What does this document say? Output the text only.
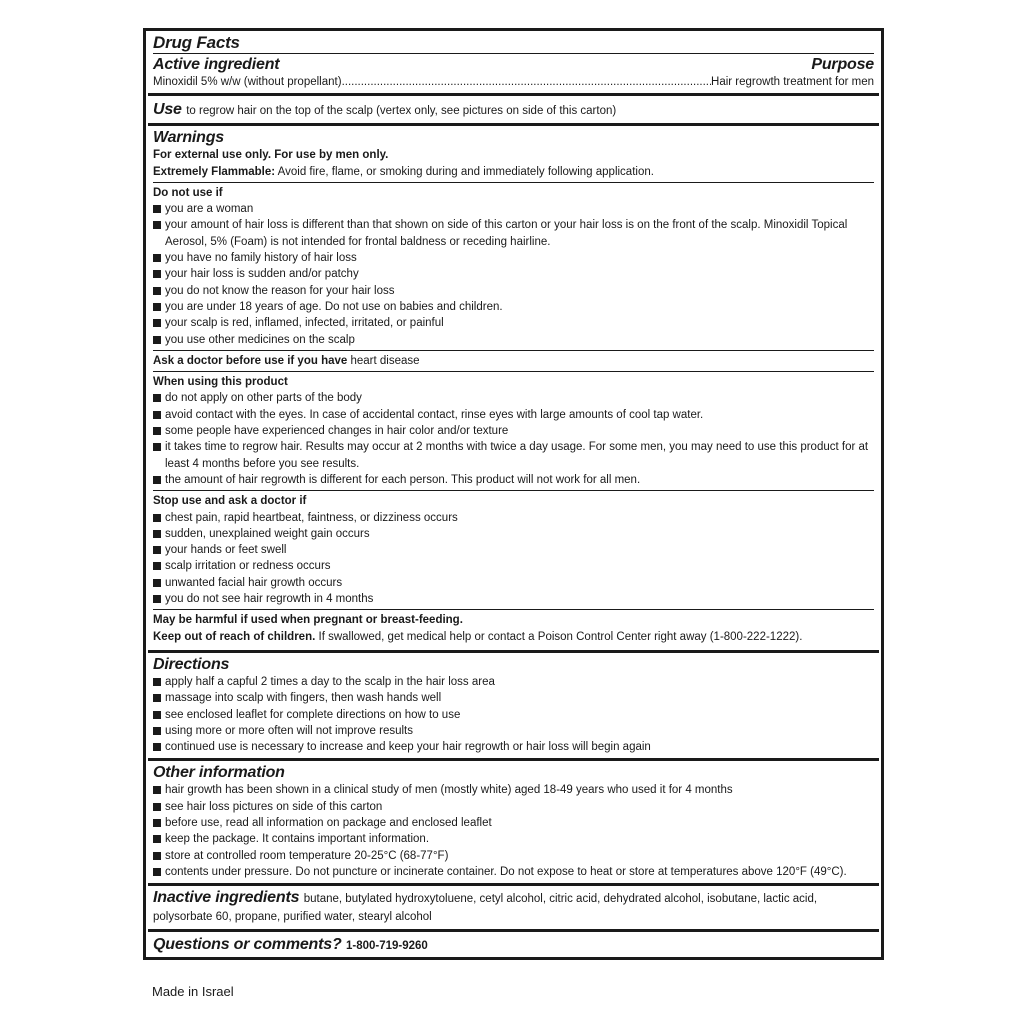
Drug Facts
Active ingredient	Purpose
Minoxidil 5% w/w (without propellant)
.....	Hair regrowth treatment for men
Use to regrow hair on the top of the scalp (vertex only, see pictures on side of this carton)
Warnings
For external use only. For use by men only.
Extremely Flammable: Avoid fire, flame, or smoking during and immediately following application.
Do not use if
you are a woman
your amount of hair loss is different than that shown on side of this carton or your hair loss is on the front of the scalp. Minoxidil Topical Aerosol, 5% (Foam) is not intended for frontal baldness or receding hairline.
you have no family history of hair loss
your hair loss is sudden and/or patchy
you do not know the reason for your hair loss
you are under 18 years of age. Do not use on babies and children.
your scalp is red, inflamed, infected, irritated, or painful
you use other medicines on the scalp
Ask a doctor before use if you have heart disease
When using this product
do not apply on other parts of the body
avoid contact with the eyes. In case of accidental contact, rinse eyes with large amounts of cool tap water.
some people have experienced changes in hair color and/or texture
it takes time to regrow hair. Results may occur at 2 months with twice a day usage. For some men, you may need to use this product for at least 4 months before you see results.
the amount of hair regrowth is different for each person. This product will not work for all men.
Stop use and ask a doctor if
chest pain, rapid heartbeat, faintness, or dizziness occurs
sudden, unexplained weight gain occurs
your hands or feet swell
scalp irritation or redness occurs
unwanted facial hair growth occurs
you do not see hair regrowth in 4 months
May be harmful if used when pregnant or breast-feeding.
Keep out of reach of children. If swallowed, get medical help or contact a Poison Control Center right away (1-800-222-1222).
Directions
apply half a capful 2 times a day to the scalp in the hair loss area
massage into scalp with fingers, then wash hands well
see enclosed leaflet for complete directions on how to use
using more or more often will not improve results
continued use is necessary to increase and keep your hair regrowth or hair loss will begin again
Other information
hair growth has been shown in a clinical study of men (mostly white) aged 18-49 years who used it for 4 months
see hair loss pictures on side of this carton
before use, read all information on package and enclosed leaflet
keep the package. It contains important information.
store at controlled room temperature 20-25°C (68-77°F)
contents under pressure. Do not puncture or incinerate container. Do not expose to heat or store at temperatures above 120°F (49°C).
Inactive ingredients butane, butylated hydroxytoluene, cetyl alcohol, citric acid, dehydrated alcohol, isobutane, lactic acid, polysorbate 60, propane, purified water, stearyl alcohol
Questions or comments? 1-800-719-9260
Made in Israel
